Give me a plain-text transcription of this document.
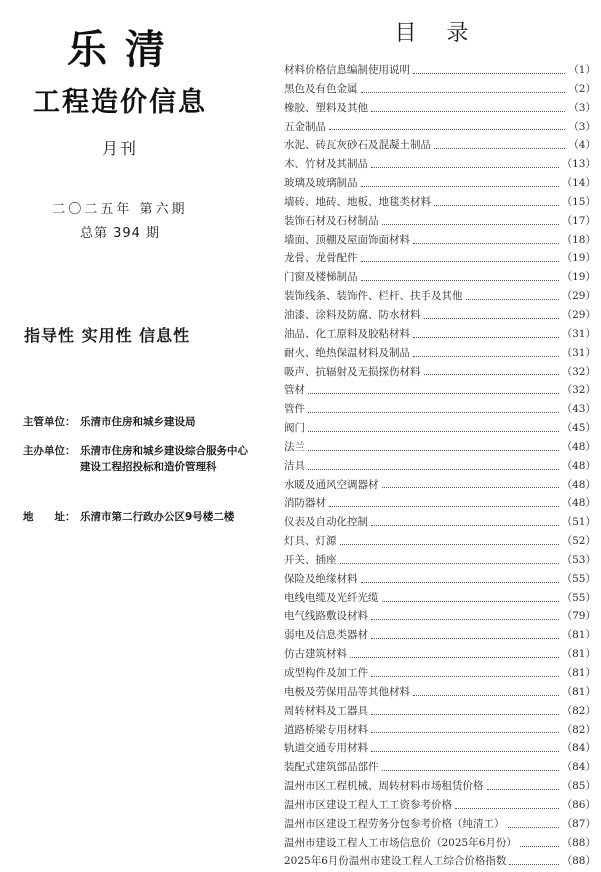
乐清
工程造价信息
月刊
二〇二五年 第六期
总第 394 期
指导性 实用性 信息性
主管单位： 乐清市住房和城乡建设局
主办单位： 乐清市住房和城乡建设综合服务中心
建设工程招投标和造价管理科
地　　址： 乐清市第二行政办公区9号楼二楼
目录
材料价格信息编制使用说明	（1）
黑色及有色金属	（2）
橡胶、塑料及其他	（3）
五金制品	（3）
水泥、砖瓦灰砂石及混凝土制品	（4）
木、竹材及其制品	（13）
玻璃及玻璃制品	（14）
墙砖、地砖、地板、地毯类材料	（15）
装饰石材及石材制品	（17）
墙面、顶棚及屋面饰面材料	（18）
龙骨、龙骨配件	（19）
门窗及楼梯制品	（19）
装饰线条、装饰件、栏杆、扶手及其他	（29）
油漆、涂料及防腐、防水材料	（29）
油品、化工原料及胶粘材料	（31）
耐火、绝热保温材料及制品	（31）
吸声、抗辐射及无损探伤材料	（32）
管材	（32）
管件	（43）
阀门	（45）
法兰	（48）
洁具	（48）
水暖及通风空调器材	（48）
消防器材	（48）
仪表及自动化控制	（51）
灯具、灯源	（52）
开关、插座	（53）
保险及绝缘材料	（55）
电线电缆及光纤光缆	（55）
电气线路敷设材料	（79）
弱电及信息类器材	（81）
仿古建筑材料	（81）
成型构件及加工件	（81）
电极及劳保用品等其他材料	（81）
周转材料及工器具	（82）
道路桥梁专用材料	（82）
轨道交通专用材料	（84）
装配式建筑部品部件	（84）
温州市区工程机械、周转材料市场租赁价格	（85）
温州市区建设工程人工工资参考价格	（86）
温州市区建设工程劳务分包参考价格（纯清工）	（87）
温州市建设工程人工市场信息价（2025年6月份）	（88）
2025年6月份温州市建设工程人工综合价格指数	（88）
